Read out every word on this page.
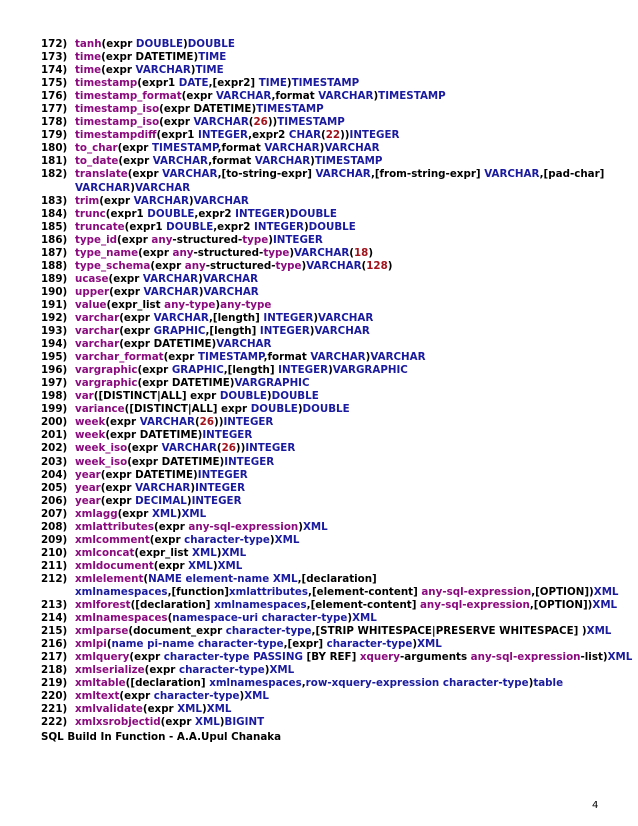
172) tanh(expr DOUBLE)DOUBLE
173) time(expr DATETIME)TIME
174) time(expr VARCHAR)TIME
175) timestamp(expr1 DATE,[expr2] TIME)TIMESTAMP
176) timestamp_format(expr VARCHAR,format VARCHAR)TIMESTAMP
177) timestamp_iso(expr DATETIME)TIMESTAMP
178) timestamp_iso(expr VARCHAR(26))TIMESTAMP
179) timestampdiff(expr1 INTEGER,expr2 CHAR(22))INTEGER
180) to_char(expr TIMESTAMP,format VARCHAR)VARCHAR
181) to_date(expr VARCHAR,format VARCHAR)TIMESTAMP
182) translate(expr VARCHAR,[to-string-expr] VARCHAR,[from-string-expr] VARCHAR,[pad-char]
VARCHAR)VARCHAR
183) trim(expr VARCHAR)VARCHAR
184) trunc(expr1 DOUBLE,expr2 INTEGER)DOUBLE
185) truncate(expr1 DOUBLE,expr2 INTEGER)DOUBLE
186) type_id(expr any-structured-type)INTEGER
187) type_name(expr any-structured-type)VARCHAR(18)
188) type_schema(expr any-structured-type)VARCHAR(128)
189) ucase(expr VARCHAR)VARCHAR
190) upper(expr VARCHAR)VARCHAR
191) value(expr_list any-type)any-type
192) varchar(expr VARCHAR,[length] INTEGER)VARCHAR
193) varchar(expr GRAPHIC,[length] INTEGER)VARCHAR
194) varchar(expr DATETIME)VARCHAR
195) varchar_format(expr TIMESTAMP,format VARCHAR)VARCHAR
196) vargraphic(expr GRAPHIC,[length] INTEGER)VARGRAPHIC
197) vargraphic(expr DATETIME)VARGRAPHIC
198) var([DISTINCT|ALL] expr DOUBLE)DOUBLE
199) variance([DISTINCT|ALL] expr DOUBLE)DOUBLE
200) week(expr VARCHAR(26))INTEGER
201) week(expr DATETIME)INTEGER
202) week_iso(expr VARCHAR(26))INTEGER
203) week_iso(expr DATETIME)INTEGER
204) year(expr DATETIME)INTEGER
205) year(expr VARCHAR)INTEGER
206) year(expr DECIMAL)INTEGER
207) xmlagg(expr XML)XML
208) xmlattributes(expr any-sql-expression)XML
209) xmlcomment(expr character-type)XML
210) xmlconcat(expr_list XML)XML
211) xmldocument(expr XML)XML
212) xmlelement(NAME element-name XML,[declaration]
xmlnamespaces,[function]xmlattributes,[element-content] any-sql-expression,[OPTION])XML
213) xmlforest([declaration] xmlnamespaces,[element-content] any-sql-expression,[OPTION])XML
214) xmlnamespaces(namespace-uri character-type)XML
215) xmlparse(document_expr character-type,[STRIP WHITESPACE|PRESERVE WHITESPACE] )XML
216) xmlpi(name pi-name character-type,[expr] character-type)XML
217) xmlquery(expr character-type PASSING [BY REF] xquery-arguments any-sql-expression-list)XML
218) xmlserialize(expr character-type)XML
219) xmltable([declaration] xmlnamespaces,row-xquery-expression character-type)table
220) xmltext(expr character-type)XML
221) xmlvalidate(expr XML)XML
222) xmlxsrobjectid(expr XML)BIGINT
SQL Build In Function - A.A.Upul Chanaka
4
